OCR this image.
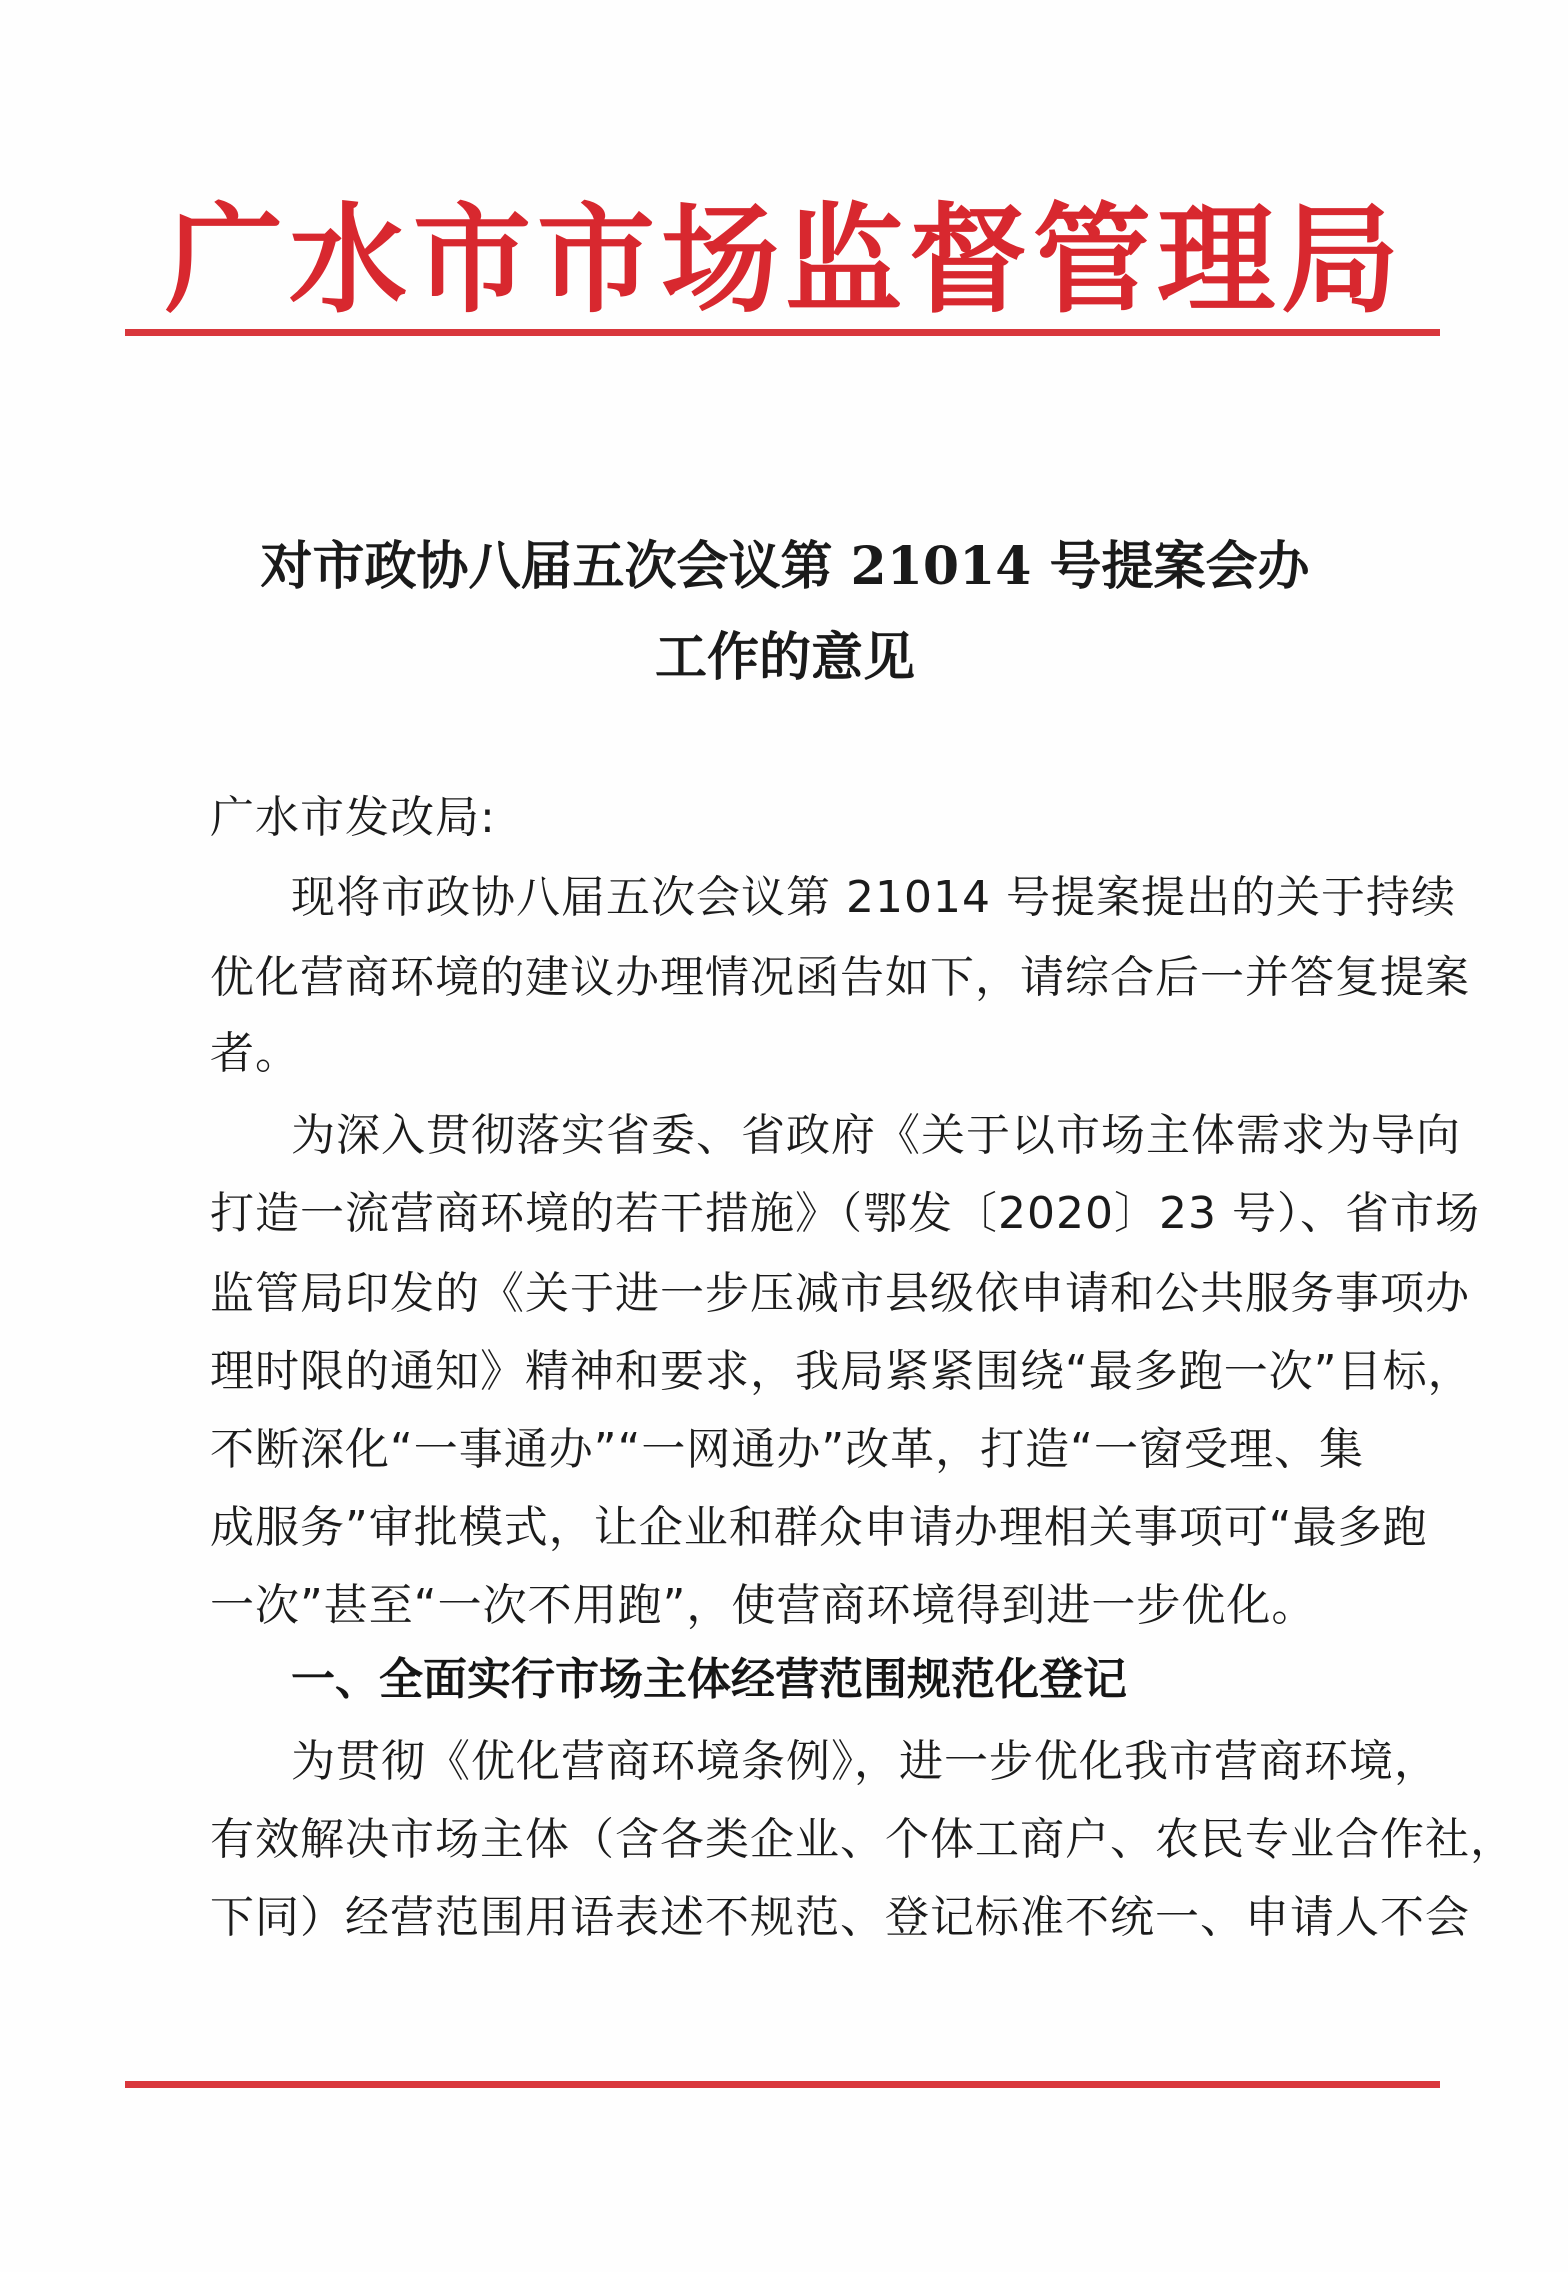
广水市市场监督管理局
对市政协八届五次会议第 21014 号提案会办
工作的意见
广水市发改局:
现将市政协八届五次会议第 21014 号提案提出的关于持续
优化营商环境的建议办理情况函告如下，请综合后一并答复提案
者。
为深入贯彻落实省委、省政府《关于以市场主体需求为导向
打造一流营商环境的若干措施》（鄂发〔2020〕23 号）、省市场
监管局印发的《关于进一步压减市县级依申请和公共服务事项办
理时限的通知》精神和要求，我局紧紧围绕“最多跑一次”目标，
不断深化“一事通办”“一网通办”改革，打造“一窗受理、集
成服务”审批模式，让企业和群众申请办理相关事项可“最多跑
一次”甚至“一次不用跑”，使营商环境得到进一步优化。
一、全面实行市场主体经营范围规范化登记
为贯彻《优化营商环境条例》，进一步优化我市营商环境，
有效解决市场主体（含各类企业、个体工商户、农民专业合作社，
下同）经营范围用语表述不规范、登记标准不统一、申请人不会
